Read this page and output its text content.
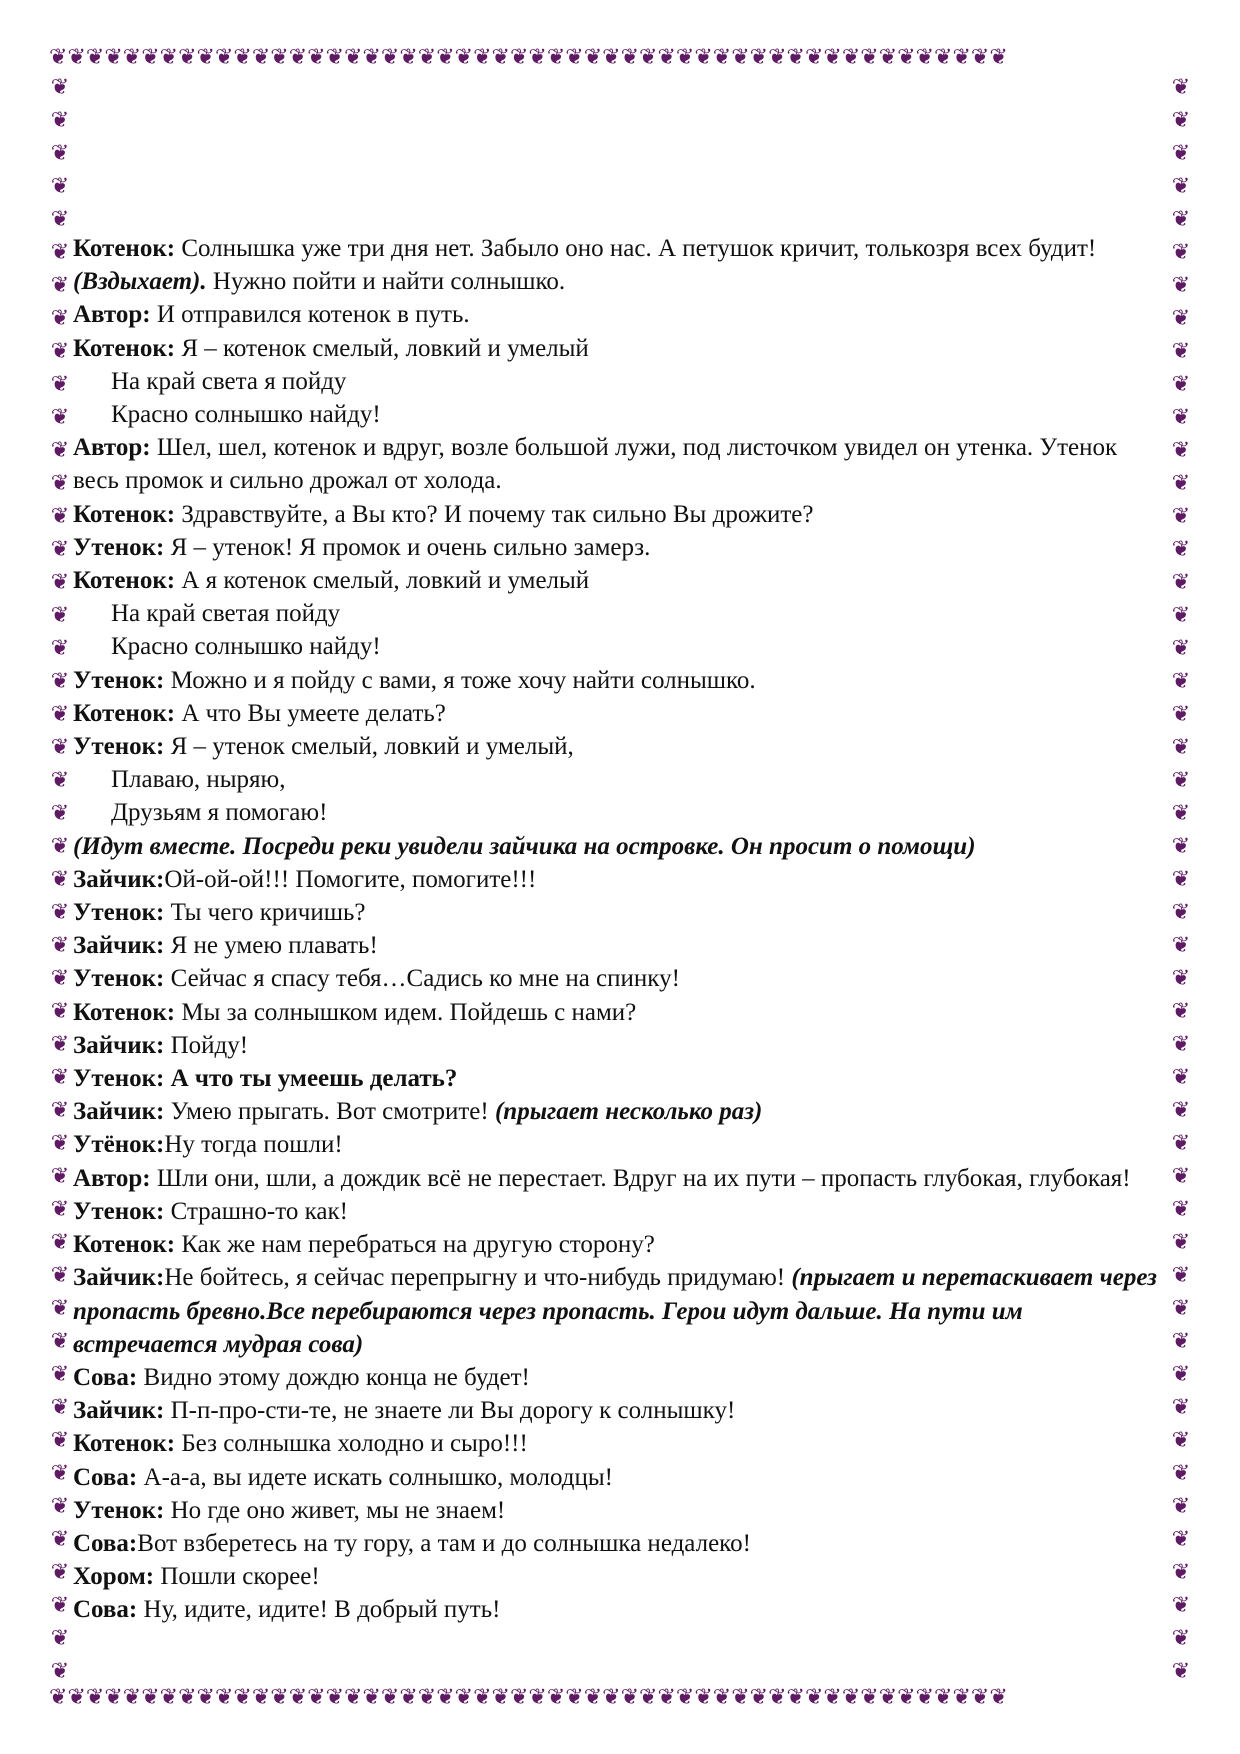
❦❦❦❦❦❦❦❦❦❦❦❦❦❦❦❦❦❦❦❦❦❦❦❦❦❦❦❦❦❦❦❦❦❦❦❦❦❦❦❦❦❦❦❦❦❦❦❦❦❦❦❦
❦❦❦❦❦❦❦❦❦❦❦❦❦❦❦❦❦❦❦❦❦❦❦❦❦❦❦❦❦❦❦❦❦❦❦❦❦❦❦❦❦❦❦❦❦❦❦❦❦❦❦❦
❦
❦
❦
❦
❦
❦
❦
❦
❦
❦
❦
❦
❦
❦
❦
❦
❦
❦
❦
❦
❦
❦
❦
❦
❦
❦
❦
❦
❦
❦
❦
❦
❦
❦
❦
❦
❦
❦
❦
❦
❦
❦
❦
❦
❦
❦
❦
❦
❦
❦
❦
❦
❦
❦
❦
❦
❦
❦
❦
❦
❦
❦
❦
❦
❦
❦
❦
❦
❦
❦
❦
❦
❦
❦
❦
❦
❦
❦
❦
❦
❦
❦
❦
❦
❦
❦
❦
❦
❦
❦
❦
❦
❦
❦
❦
❦
❦
❦
Котенок: Солнышка уже три дня нет. Забыло оно нас. А петушок кричит, толькозря всех будит! (Вздыхает). Нужно пойти и найти солнышко.
Автор: И отправился котенок в путь.
Котенок: Я – котенок смелый, ловкий и умелый
На край света я пойду
Красно солнышко найду!
Автор: Шел, шел, котенок и вдруг, возле большой лужи, под листочком увидел он утенка. Утенок весь промок и сильно дрожал от холода.
Котенок: Здравствуйте, а Вы кто? И почему так сильно Вы дрожите?
Утенок: Я – утенок! Я промок и очень сильно замерз.
Котенок: А я котенок смелый, ловкий и умелый
На край светая пойду
Красно солнышко найду!
Утенок: Можно и я пойду с вами, я тоже хочу найти солнышко.
Котенок: А что Вы умеете делать?
Утенок: Я – утенок смелый, ловкий и умелый,
Плаваю, ныряю,
Друзьям я помогаю!
(Идут вместе. Посреди реки увидели зайчика на островке. Он просит о помощи)
Зайчик:Ой-ой-ой!!! Помогите, помогите!!!
Утенок: Ты чего кричишь?
Зайчик: Я не умею плавать!
Утенок: Сейчас я спасу тебя…Садись ко мне на спинку!
Котенок: Мы за солнышком идем. Пойдешь с нами?
Зайчик: Пойду!
Утенок: А что ты умеешь делать?
Зайчик: Умею прыгать. Вот смотрите! (прыгает несколько раз)
Утёнок:Ну тогда пошли!
Автор: Шли они, шли, а дождик всё не перестает. Вдруг на их пути – пропасть глубокая, глубокая!
Утенок: Страшно-то как!
Котенок: Как же нам перебраться на другую сторону?
Зайчик:Не бойтесь, я сейчас перепрыгну и что-нибудь придумаю! (прыгает и перетаскивает через пропасть бревно.Все перебираются через пропасть. Герои идут дальше. На пути им встречается мудрая сова)
Сова: Видно этому дождю конца не будет!
Зайчик: П-п-про-сти-те, не знаете ли Вы дорогу к солнышку!
Котенок: Без солнышка холодно и сыро!!!
Сова: А-а-а, вы идете искать солнышко, молодцы!
Утенок: Но где оно живет, мы не знаем!
Сова:Вот взберетесь на ту гору, а там и до солнышка недалеко!
Хором: Пошли скорее!
Сова: Ну, идите, идите! В добрый путь!
